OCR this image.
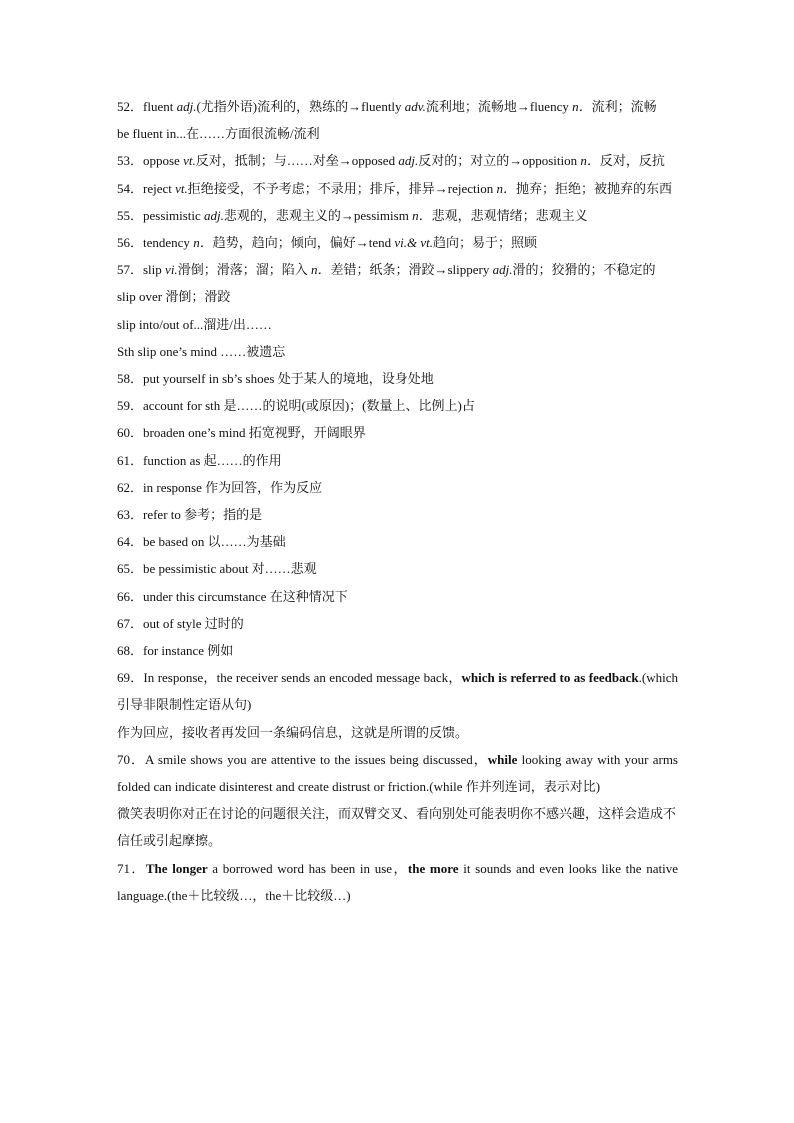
52．fluent adj.(尤指外语)流利的，熟练的→fluently adv.流利地；流畅地→fluency n．流利；流畅

be fluent in...在……方面很流畅/流利

53．oppose vt.反对，抵制；与……对垒→opposed adj.反对的；对立的→opposition n．反对，反抗

54．reject vt.拒绝接受，不予考虑；不录用；排斥，排异→rejection n．抛弃；拒绝；被抛弃的东西

55．pessimistic adj.悲观的，悲观主义的→pessimism n．悲观，悲观情绪；悲观主义

56．tendency n．趋势，趋向；倾向，偏好→tend vi.& vt.趋向；易于；照顾

57．slip vi.滑倒；滑落；溜；陷入 n．差错；纸条；滑跤→slippery adj.滑的；狡猾的；不稳定的

slip over 滑倒；滑跤

slip into/out of...溜进/出……

Sth slip one’s mind ……被遗忘

58．put yourself in sb’s shoes 处于某人的境地，设身处地

59．account for sth 是……的说明(或原因)；(数量上、比例上)占

60．broaden one’s mind 拓宽视野，开阔眼界

61．function as 起……的作用

62．in response 作为回答，作为反应

63．refer to 参考；指的是

64．be based on 以……为基础

65．be pessimistic about 对……悲观

66．under this circumstance 在这种情况下

67．out of style 过时的

68．for instance 例如

69．In response，the receiver sends an encoded message back，which is referred to as feedback.(which 引导非限制性定语从句)

作为回应，接收者再发回一条编码信息，这就是所谓的反馈。

70．A smile shows you are attentive to the issues being discussed，while looking away with your arms folded can indicate disinterest and create distrust or friction.(while 作并列连词，表示对比)

微笑表明你对正在讨论的问题很关注，而双臂交叉、看向别处可能表明你不感兴趣，这样会造成不信任或引起摩擦。

71．The longer a borrowed word has been in use，the more it sounds and even looks like the native language.(the＋比较级…，the＋比较级…)
